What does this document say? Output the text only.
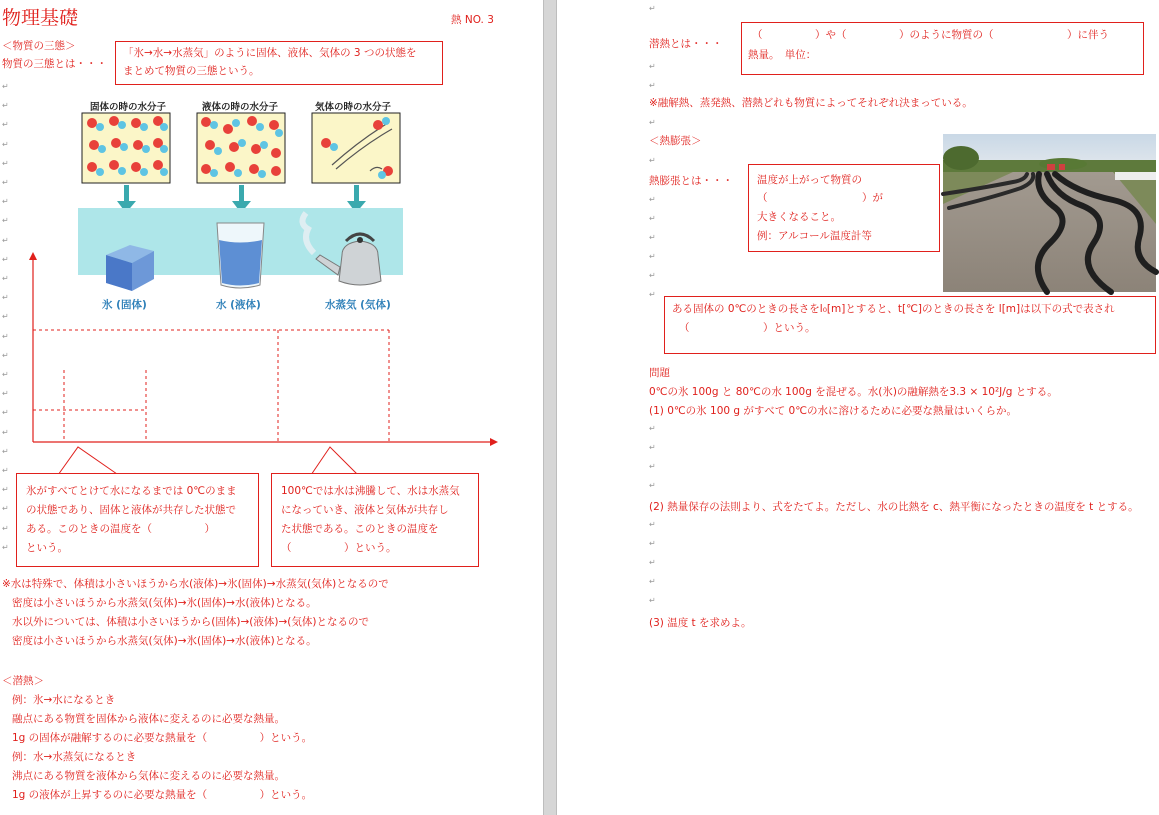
物理基礎	熱 NO. 3
＜物質の三態＞
物質の三態とは・・・
「氷→水→水蒸気」のように固体、液体、気体の 3 つの状態を
まとめて物質の三態という。
固体の時の水分子	液体の時の水分子	気体の時の水分子
氷 (固体)	水 (液体)	水蒸気 (気体)
氷がすべてとけて水になるまでは 0℃のまま
の状態であり、固体と液体が共存した状態で
ある。このときの温度を（　　　　　）
という。
100℃では水は沸騰して、水は水蒸気
になっていき、液体と気体が共存し
た状態である。このときの温度を
（　　　　　）という。
※水は特殊で、体積は小さいほうから水(液体)→氷(固体)→水蒸気(気体)となるので
密度は小さいほうから水蒸気(気体)→氷(固体)→水(液体)となる。
水以外については、体積は小さいほうから(固体)→(液体)→(気体)となるので
密度は小さいほうから水蒸気(気体)→氷(固体)→水(液体)となる。
＜潜熱＞
例：氷→水になるとき
融点にある物質を固体から液体に変えるのに必要な熱量。
1g の固体が融解するのに必要な熱量を（　　　　　）という。
例：水→水蒸気になるとき
沸点にある物質を液体から気体に変えるのに必要な熱量。
1g の液体が上昇するのに必要な熱量を（　　　　　）という。
↵
↵
↵
↵
↵
↵
↵
↵
↵
↵
↵
↵
↵
↵
↵
↵
↵
↵
↵
↵
↵
↵
↵
↵
↵
潜熱とは・・・
（　　　　　）や（　　　　　）のように物質の（　　　　　　　）に伴う
熱量。　単位：
※融解熱、蒸発熱、潜熱どれも物質によってそれぞれ決まっている。
＜熱膨張＞
熱膨張とは・・・ 温度が上がって物質の
（　　　　　　　　　）が
大きくなること。
例：アルコール温度計等
ある固体の 0℃のときの長さをl₀[m]とすると、t[℃]のときの長さを l[m]は以下の式で表され
（　　　　　　　）という。
問題
0℃の氷 100g と 80℃の水 100g を混ぜる。水(氷)の融解熱を3.3 × 10²J/g とする。
(1) 0℃の氷 100 g がすべて 0℃の水に溶けるために必要な熱量はいくらか。
(2) 熱量保存の法則より、式をたてよ。ただし、水の比熱を c、熱平衡になったときの温度を t とする。
(3) 温度 t を求めよ。
↵
↵
↵
↵
↵
↵
↵
↵
↵
↵
↵
↵
↵
↵
↵
↵
↵
↵
↵
↵
